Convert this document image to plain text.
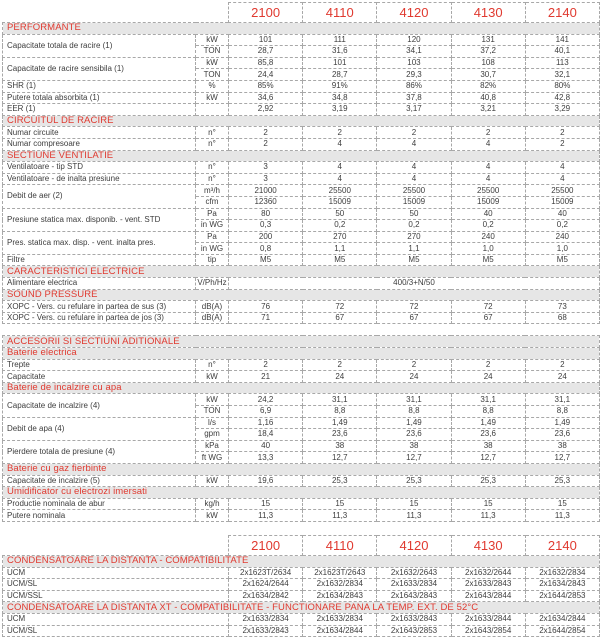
		2100	4110	4120	4130	2140
PERFORMANTE						
Capacitate totala de racire (1)	kW	101	111	120	131	141
	TON	28,7	31,6	34,1	37,2	40,1
Capacitate de racire sensibila (1)	kW	85,8	101	103	108	113
	TON	24,4	28,7	29,3	30,7	32,1
SHR (1)	%	85%	91%	86%	82%	80%
Putere totala absorbita (1)	kW	34,6	34,8	37,8	40,8	42,8
EER (1)		2,92	3,19	3,17	3,21	3,29
CIRCUITUL DE RACIRE						
Numar circuite	n°	2	2	2	2	2
Numar compresoare	n°	2	4	4	4	2
SECTIUNE VENTILATIE						
Ventilatoare - tip STD	n°	3	4	4	4	4
Ventilatoare - de inalta presiune	n°	3	4	4	4	4
Debit de aer (2)	m³/h	21000	25500	25500	25500	25500
	cfm	12360	15009	15009	15009	15009
Presiune statica max. disponib. - vent. STD	Pa	80	50	50	40	40
	in WG	0,3	0,2	0,2	0,2	0,2
Pres. statica max. disp. - vent. inalta pres.	Pa	200	270	270	240	240
	in WG	0,8	1,1	1,1	1,0	1,0
Filtre	tip	M5	M5	M5	M5	M5
CARACTERISTICI ELECTRICE						
Alimentare electrica	V/Ph/Hz	400/3+N/50				
SOUND PRESSURE						
XOPC - Vers. cu refulare in partea de sus (3)	dB(A)	76	72	72	72	73
XOPC - Vers. cu refulare in partea de jos (3)	dB(A)	71	67	67	67	68

ACCESORII SI SECTIUNI ADITIONALE						
Baterie electrica						
Trepte	n°	2	2	2	2	2
Capacitate	kW	21	24	24	24	24
Baterie de incalzire cu apa						
Capacitate de incalzire (4)	kW	24,2	31,1	31,1	31,1	31,1
	TON	6,9	8,8	8,8	8,8	8,8
Debit de apa (4)	l/s	1,16	1,49	1,49	1,49	1,49
	gpm	18,4	23,6	23,6	23,6	23,6
Pierdere totala de presiune (4)	kPa	40	38	38	38	38
	ft WG	13,3	12,7	12,7	12,7	12,7
Baterie cu gaz fierbinte						
Capacitate de incalzire (5)	kW	19,6	25,3	25,3	25,3	25,3
Umidificator cu electrozi imersati						
Productie nominala de abur	kg/h	15	15	15	15	15
Putere nominala	kW	11,3	11,3	11,3	11,3	11,3
	2100	4110	4120	4130	2140
CONDENSATOARE LA DISTANTA - COMPATIBILITATE					
UCM	2x1623T/2634	2x1623T/2643	2x1632/2643	2x1632/2644	2x1632/2834
UCM/SL	2x1624/2644	2x1632/2834	2x1633/2834	2x1633/2843	2x1634/2843
UCM/SSL	2x1634/2842	2x1634/2843	2x1643/2843	2x1643/2844	2x1644/2853
CONDENSATOARE LA DISTANTA XT - COMPATIBILITATE - FUNCTIONARE PANA LA TEMP. EXT. DE 52°C					
UCM	2x1633/2834	2x1633/2834	2x1633/2843	2x1633/2844	2x1634/2844
UCM/SL	2x1633/2843	2x1634/2844	2x1643/2853	2x1643/2854	2x1644/2854
